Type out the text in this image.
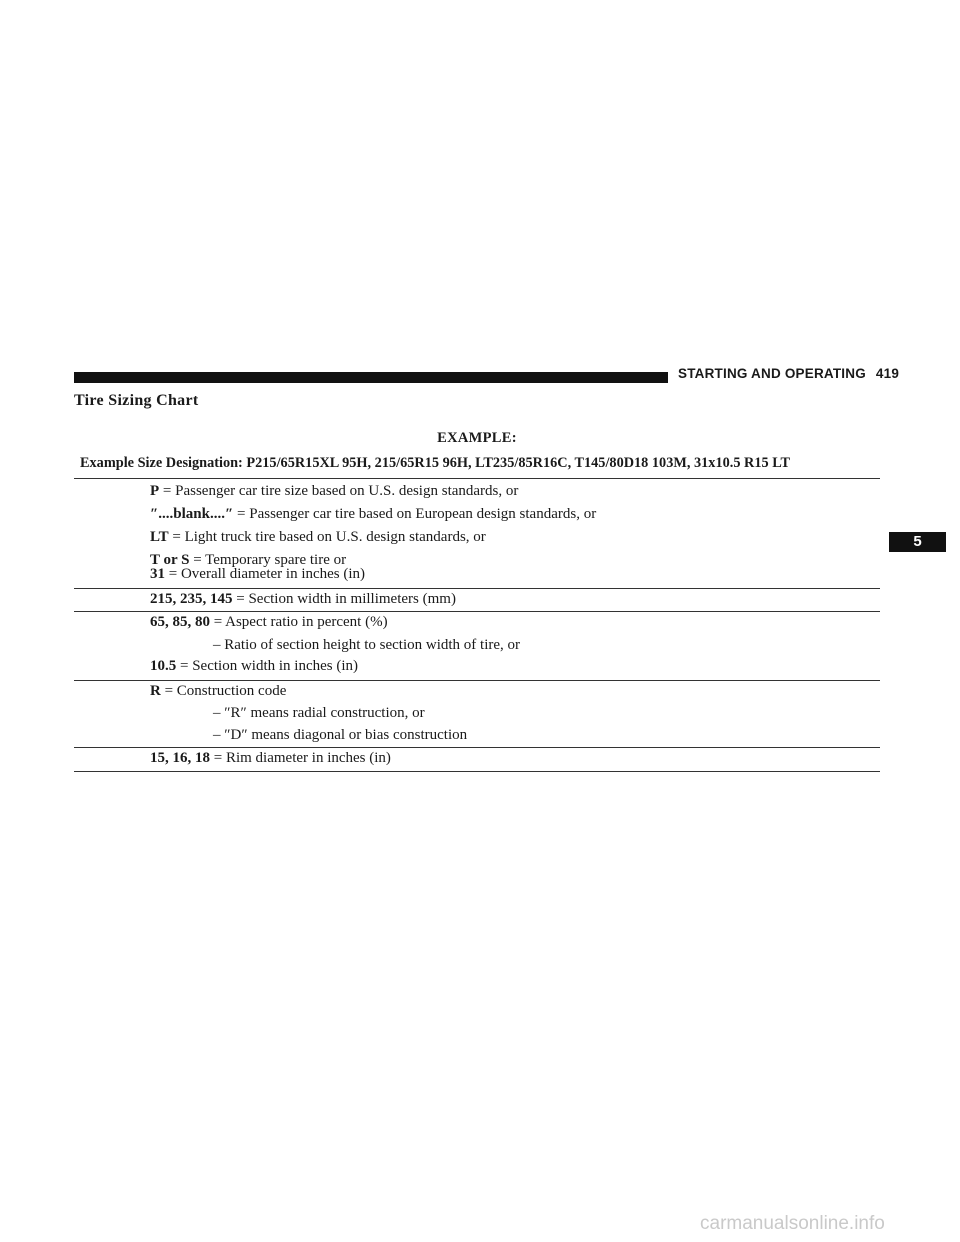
STARTING AND OPERATING 419
5
Tire Sizing Chart
EXAMPLE:
Example Size Designation: P215/65R15XL 95H, 215/65R15 96H, LT235/85R16C, T145/80D18 103M, 31x10.5 R15 LT
P = Passenger car tire size based on U.S. design standards, or
″....blank....″ = Passenger car tire based on European design standards, or
LT = Light truck tire based on U.S. design standards, or
T or S = Temporary spare tire or
31 = Overall diameter in inches (in)
215, 235, 145 = Section width in millimeters (mm)
65, 85, 80 = Aspect ratio in percent (%)
– Ratio of section height to section width of tire, or
10.5 = Section width in inches (in)
R = Construction code
– ″R″ means radial construction, or
– ″D″ means diagonal or bias construction
15, 16, 18 = Rim diameter in inches (in)
carmanualsonline.info
